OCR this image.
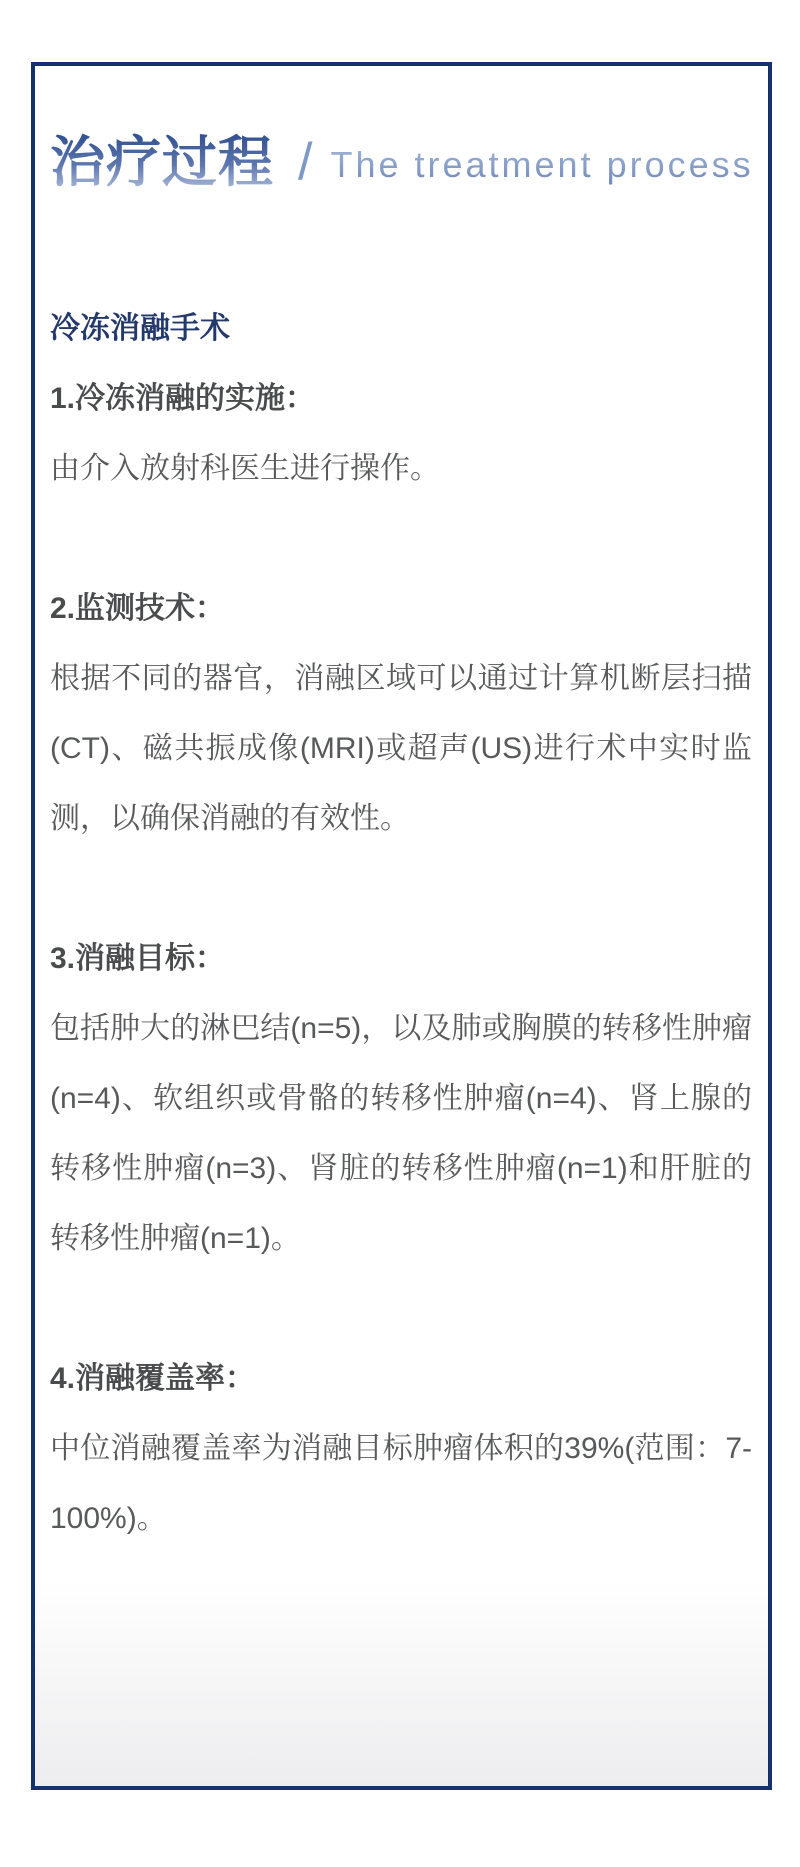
治疗过程 / The treatment process

冷冻消融手术

1.冷冻消融的实施：

由介入放射科医生进行操作。

2.监测技术：

根据不同的器官，消融区域可以通过计算机断层扫描(CT)、磁共振成像(MRI)或超声(US)进行术中实时监测，以确保消融的有效性。

3.消融目标：

包括肿大的淋巴结(n=5)，以及肺或胸膜的转移性肿瘤(n=4)、软组织或骨骼的转移性肿瘤(n=4)、肾上腺的转移性肿瘤(n=3)、肾脏的转移性肿瘤(n=1)和肝脏的转移性肿瘤(n=1)。

4.消融覆盖率：

中位消融覆盖率为消融目标肿瘤体积的39%(范围：7-100%)。
